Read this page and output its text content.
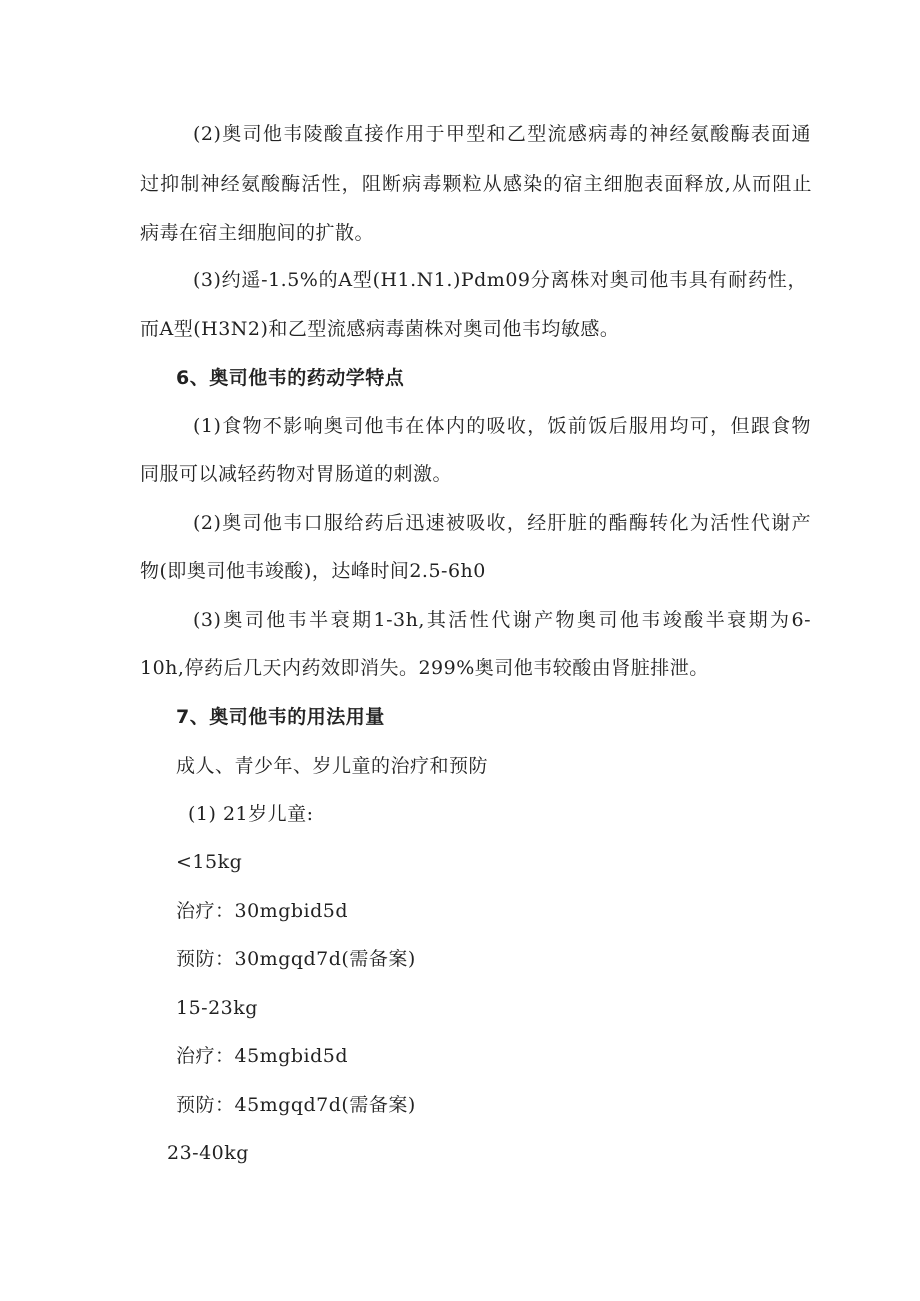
(2)奥司他韦陵酸直接作用于甲型和乙型流感病毒的神经氨酸酶表面通
过抑制神经氨酸酶活性，阻断病毒颗粒从感染的宿主细胞表面释放,从而阻止
病毒在宿主细胞间的扩散。
(3)约遥-1.5%的A型(H1.N1.)Pdm09分离株对奥司他韦具有耐药性，
而A型(H3N2)和乙型流感病毒菌株对奥司他韦均敏感。
6、奥司他韦的药动学特点
(1)食物不影响奥司他韦在体内的吸收，饭前饭后服用均可，但跟食物
同服可以减轻药物对胃肠道的刺激。
(2)奥司他韦口服给药后迅速被吸收，经肝脏的酯酶转化为活性代谢产
物(即奥司他韦竣酸)，达峰时间2.5-6h0
(3)奥司他韦半衰期1-3h,其活性代谢产物奥司他韦竣酸半衰期为6-
10h,停药后几天内药效即消失。299%奥司他韦较酸由肾脏排泄。
7、奥司他韦的用法用量
成人、青少年、岁儿童的治疗和预防
(1) 21岁儿童:
<15kg
治疗：30mgbid5d
预防：30mgqd7d(需备案)
15-23kg
治疗：45mgbid5d
预防：45mgqd7d(需备案)
23-40kg
